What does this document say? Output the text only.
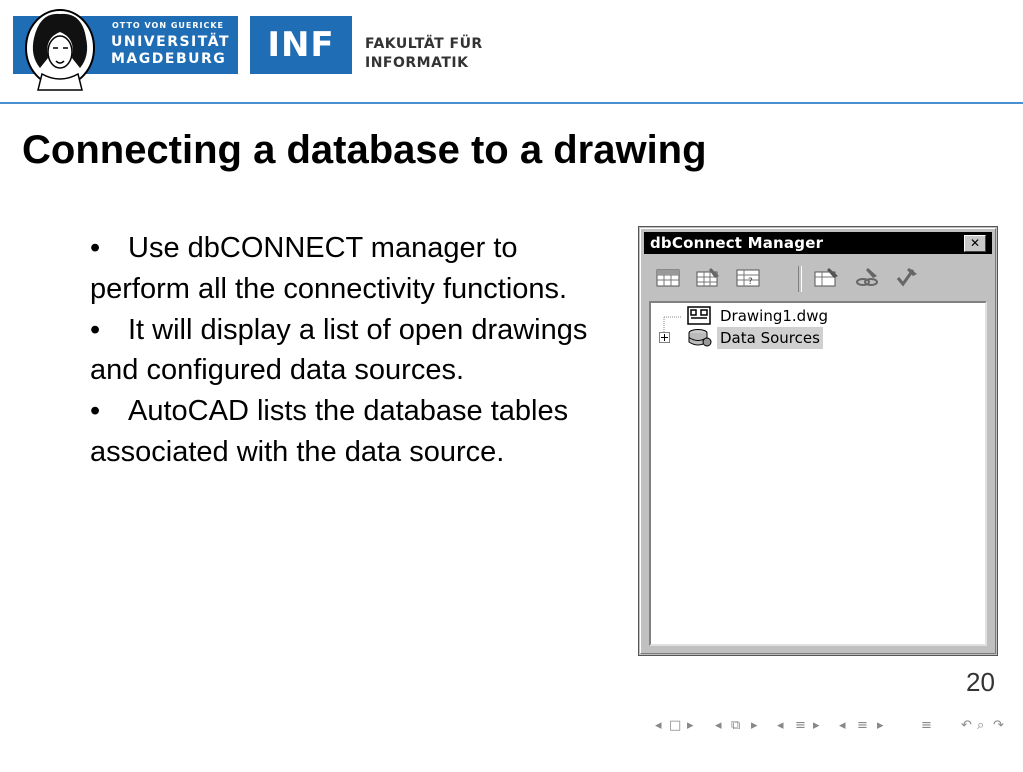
OTTO VON GUERICKE
UNIVERSITÄT
MAGDEBURG	INF	FAKULTÄT FÜR
INFORMATIK
Connecting a database to a drawing

• Use dbCONNECT manager to perform all the connectivity functions.

• It will display a list of open drawings and configured data sources.

• AutoCAD lists the database tables associated with the data source.

dbConnect Manager	✕
?
Drawing1.dwg
Data Sources
20
◂ □ ▸ ◂ ⧉ ▸ ◂ ≡ ▸ ◂ ≡ ▸	≡ ↶ ⌕ ↷
